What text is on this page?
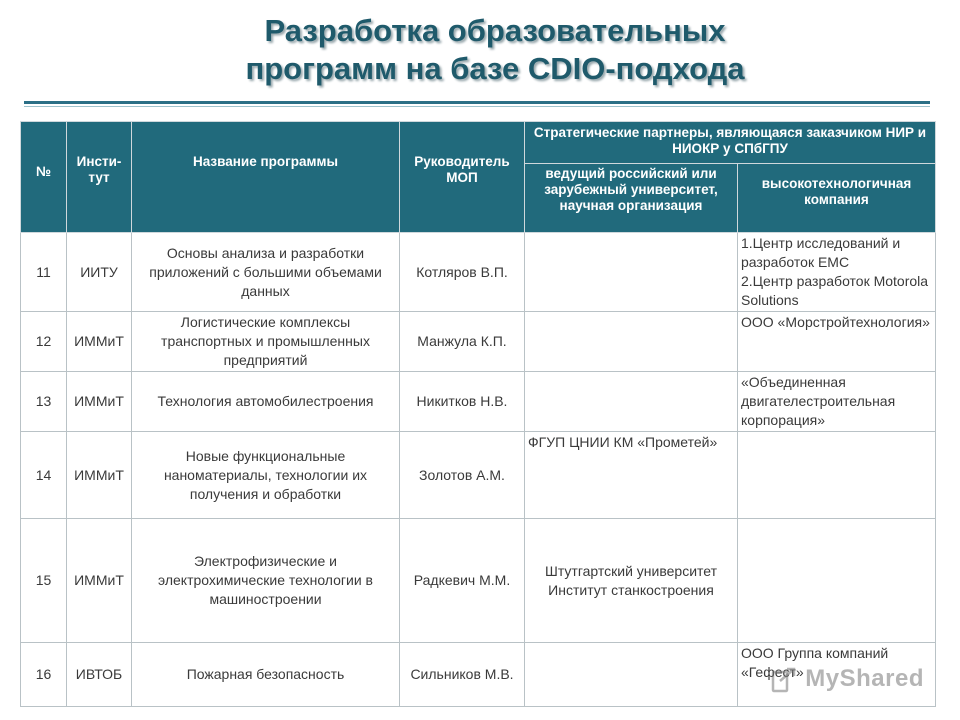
Разработка образовательных
программ на базе CDIO-подхода
№	Инсти-тут	Название программы	Руководитель МОП	Стратегические партнеры, являющаяся заказчиком НИР и НИОКР у СПбГПУ	
				ведущий российский или зарубежный университет, научная организация	высокотехнологичная компания
11	ИИТУ	Основы анализа и разработки приложений с большими объемами данных	Котляров В.П.		1.Центр исследований и разработок ЕМС
2.Центр разработок Motorola Solutions
12	ИММиТ	Логистические комплексы транспортных и промышленных предприятий	Манжула К.П.		ООО «Морстройтехнология»
13	ИММиТ	Технология автомобилестроения	Никитков Н.В.		«Объединенная двигателестроительная корпорация»
14	ИММиТ	Новые функциональные наноматериалы, технологии их получения и обработки	Золотов А.М.	ФГУП ЦНИИ КМ «Прометей»	
15	ИММиТ	Электрофизические и электрохимические технологии в машиностроении	Радкевич М.М.	Штутгартский университет Институт станкостроения	
16	ИВТОБ	Пожарная безопасность	Сильников М.В.		ООО Группа компаний «Гефест» MyShared
